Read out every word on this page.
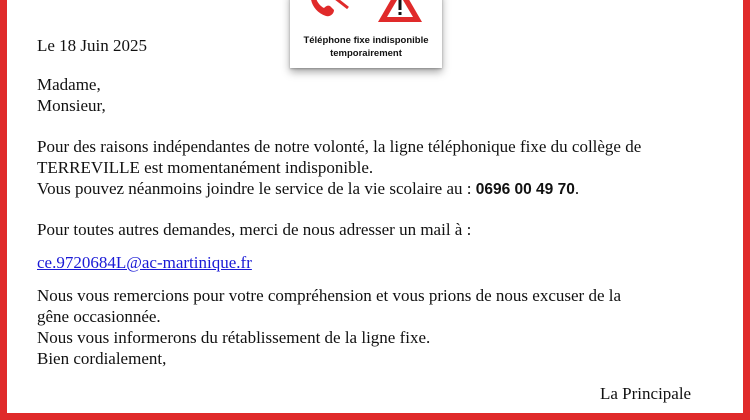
Téléphone fixe indisponible
temporairement
Le 18 Juin 2025
Madame,
Monsieur,
Pour des raisons indépendantes de notre volonté, la ligne téléphonique fixe du collège de
TERREVILLE est momentanément indisponible.
Vous pouvez néanmoins joindre le service de la vie scolaire au : 0696 00 49 70.
Pour toutes autres demandes, merci de nous adresser un mail à :
ce.9720684L@ac-martinique.fr
Nous vous remercions pour votre compréhension et vous prions de nous excuser de la
gêne occasionnée.
Nous vous informerons du rétablissement de la ligne fixe.
Bien cordialement,
La Principale
